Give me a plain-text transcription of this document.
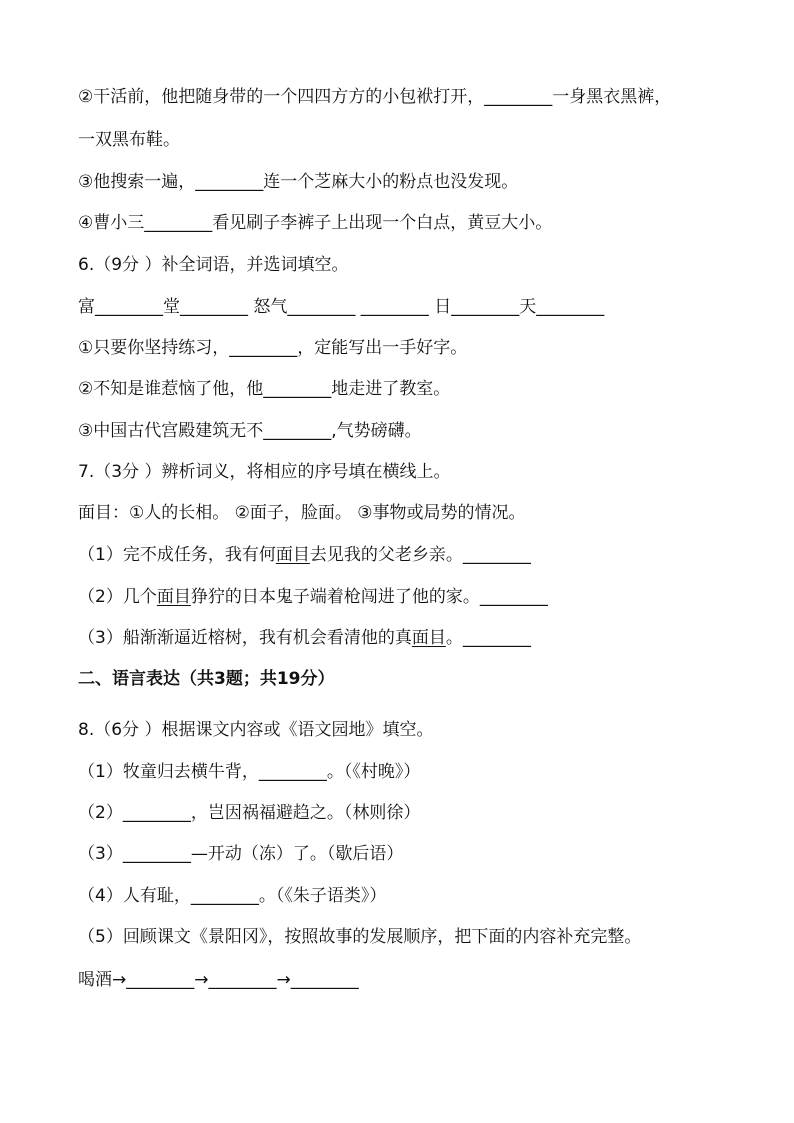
②干活前，他把随身带的一个四四方方的小包袱打开，________一身黑衣黑裤，
一双黑布鞋。
③他搜索一遍，________连一个芝麻大小的粉点也没发现。
④曹小三________看见刷子李裤子上出现一个白点，黄豆大小。
6.（9分 ）补全词语，并选词填空。
富________堂________ 怒气________ ________ 日________天________
①只要你坚持练习，________，定能写出一手好字。
②不知是谁惹恼了他，他________地走进了教室。
③中国古代宫殿建筑无不________,气势磅礴。
7.（3分 ）辨析词义，将相应的序号填在横线上。
面目：①人的长相。 ②面子，脸面。 ③事物或局势的情况。
（1）完不成任务，我有何面目去见我的父老乡亲。________
（2）几个面目狰狞的日本鬼子端着枪闯进了他的家。________
（3）船渐渐逼近榕树，我有机会看清他的真面目。________
二、语言表达（共3题；共19分）
8.（6分 ）根据课文内容或《语文园地》填空。
（1）牧童归去横牛背，________。（《村晚》）
（2）________，岂因祸福避趋之。（林则徐）
（3）________—开动（冻）了。（歇后语）
（4）人有耻，________。（《朱子语类》）
（5）回顾课文《景阳冈》，按照故事的发展顺序，把下面的内容补充完整。
喝酒→________→________→________
